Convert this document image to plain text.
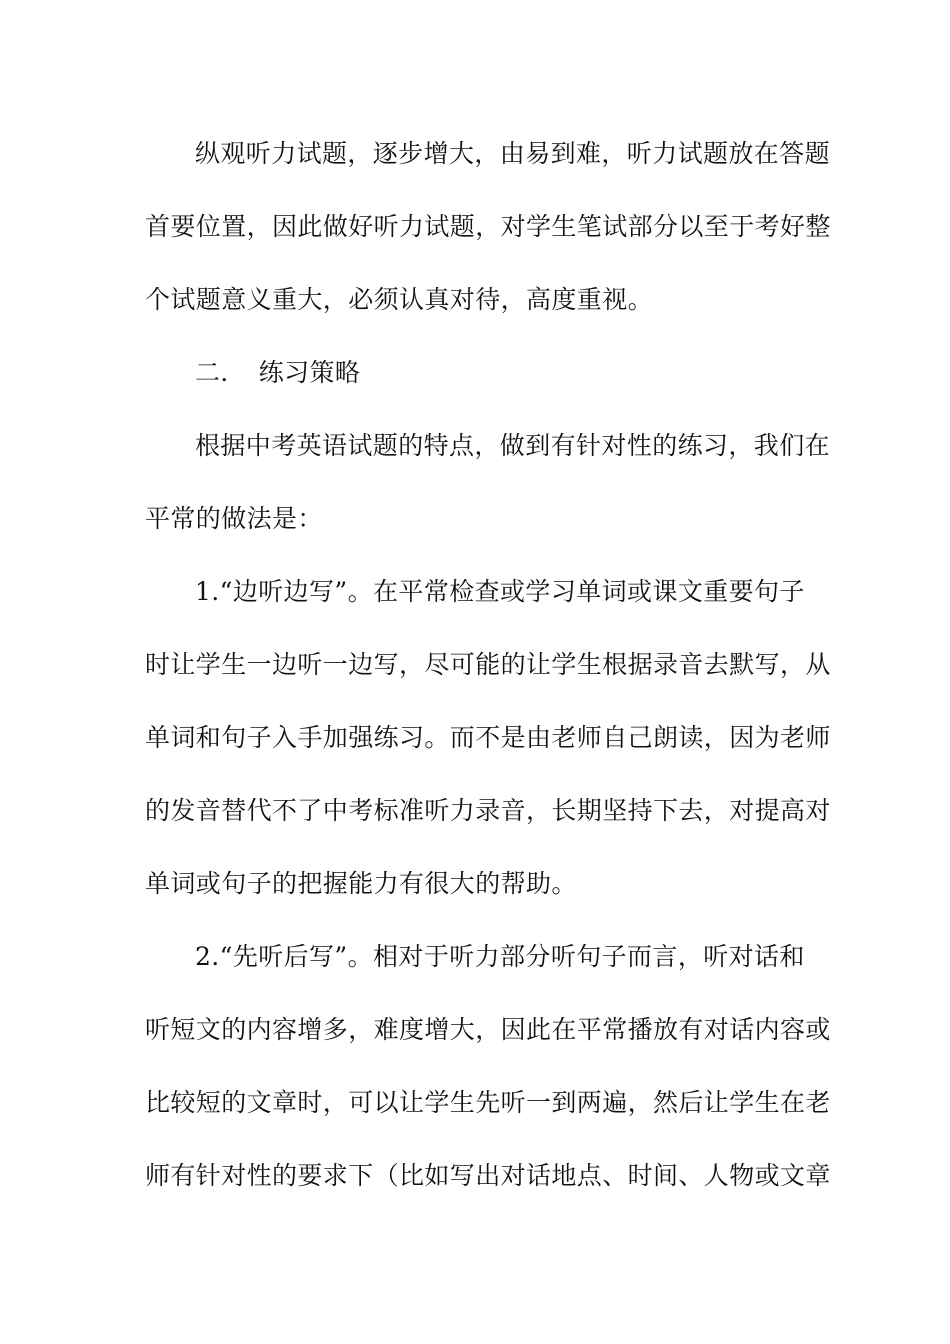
纵观听力试题，逐步增大，由易到难，听力试题放在答题
首要位置，因此做好听力试题，对学生笔试部分以至于考好整
个试题意义重大，必须认真对待，高度重视。
二．　练习策略
根据中考英语试题的特点，做到有针对性的练习，我们在
平常的做法是：
1.“边听边写”。在平常检查或学习单词或课文重要句子
时让学生一边听一边写，尽可能的让学生根据录音去默写，从
单词和句子入手加强练习。而不是由老师自己朗读，因为老师
的发音替代不了中考标准听力录音，长期坚持下去，对提高对
单词或句子的把握能力有很大的帮助。
2.“先听后写”。相对于听力部分听句子而言，听对话和
听短文的内容增多，难度增大，因此在平常播放有对话内容或
比较短的文章时，可以让学生先听一到两遍，然后让学生在老
师有针对性的要求下（比如写出对话地点、时间、人物或文章
